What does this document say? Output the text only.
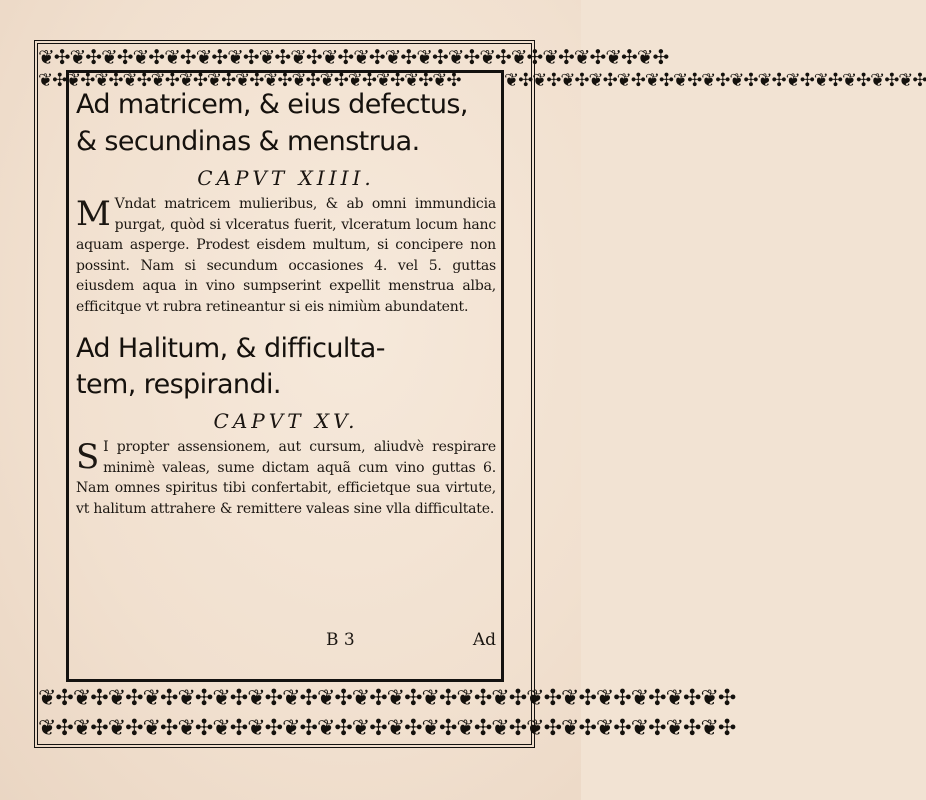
❦✣❦✣❦✣❦✣❦✣❦✣❦✣❦✣❦✣❦✣❦✣❦✣❦✣❦✣❦✣❦✣❦✣❦✣❦✣❦✣
❦✣❦✣❦✣❦✣❦✣❦✣❦✣❦✣❦✣❦✣❦✣❦✣❦✣❦✣❦✣ ❦✣❦✣❦✣❦✣❦✣❦✣❦✣❦✣❦✣❦✣❦✣❦✣❦✣❦✣❦✣
❦✣❦✣❦✣❦✣❦✣❦✣❦✣❦✣❦✣❦✣❦✣❦✣❦✣❦✣❦✣❦✣❦✣❦✣❦✣❦✣
❦✣❦✣❦✣❦✣❦✣❦✣❦✣❦✣❦✣❦✣❦✣❦✣❦✣❦✣❦✣❦✣❦✣❦✣❦✣❦✣
Ad matricem, & eius defectus,
& secundinas & menstrua.
CAPVT XIIII.

M Vndat matricem mulieribus, & ab omni immundicia purgat, quòd si vlceratus fuerit, vlceratum locum hanc aquam asperge. Prodest eisdem multum, si concipere non possint. Nam si secundum occasiones 4. vel 5. guttas eiusdem aqua in vino sumpserint expellit menstrua alba, efficitque vt rubra retineantur si eis nimiùm abundatent.

Ad Halitum, & difficulta-
tem, respirandi.
CAPVT XV.

S I propter assensionem, aut cursum, aliudvè respirare minimè valeas, sume dictam aquã cum vino guttas 6. Nam omnes spiritus tibi confertabit, efficietque sua virtute, vt halitum attrahere & remittere valeas sine vlla difficultate.

B 3	Ad
